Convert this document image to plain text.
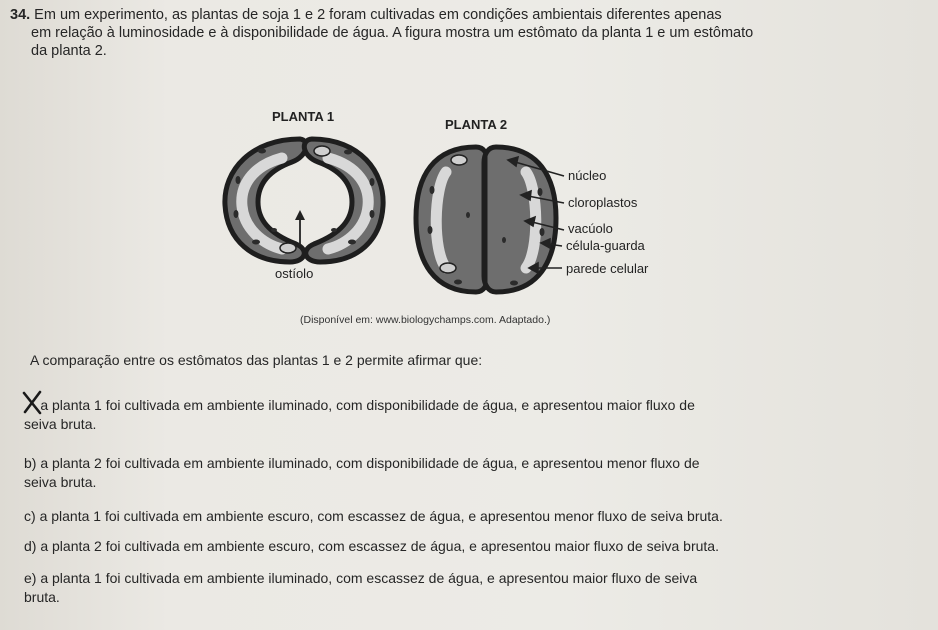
34. Em um experimento, as plantas de soja 1 e 2 foram cultivadas em condições ambientais diferentes apenas
em relação à luminosidade e à disponibilidade de água. A figura mostra um estômato da planta 1 e um estômato
da planta 2.
PLANTA 1
PLANTA 2
ostíolo
núcleo
cloroplastos
vacúolo
célula-guarda
parede celular
(Disponível em: www.biologychamps.com. Adaptado.)
A comparação entre os estômatos das plantas 1 e 2 permite afirmar que:
a planta 1 foi cultivada em ambiente iluminado, com disponibilidade de água, e apresentou maior fluxo de
seiva bruta.
b) a planta 2 foi cultivada em ambiente iluminado, com disponibilidade de água, e apresentou menor fluxo de
seiva bruta.
c) a planta 1 foi cultivada em ambiente escuro, com escassez de água, e apresentou menor fluxo de seiva bruta.
d) a planta 2 foi cultivada em ambiente escuro, com escassez de água, e apresentou maior fluxo de seiva bruta.
e) a planta 1 foi cultivada em ambiente iluminado, com escassez de água, e apresentou maior fluxo de seiva
bruta.
